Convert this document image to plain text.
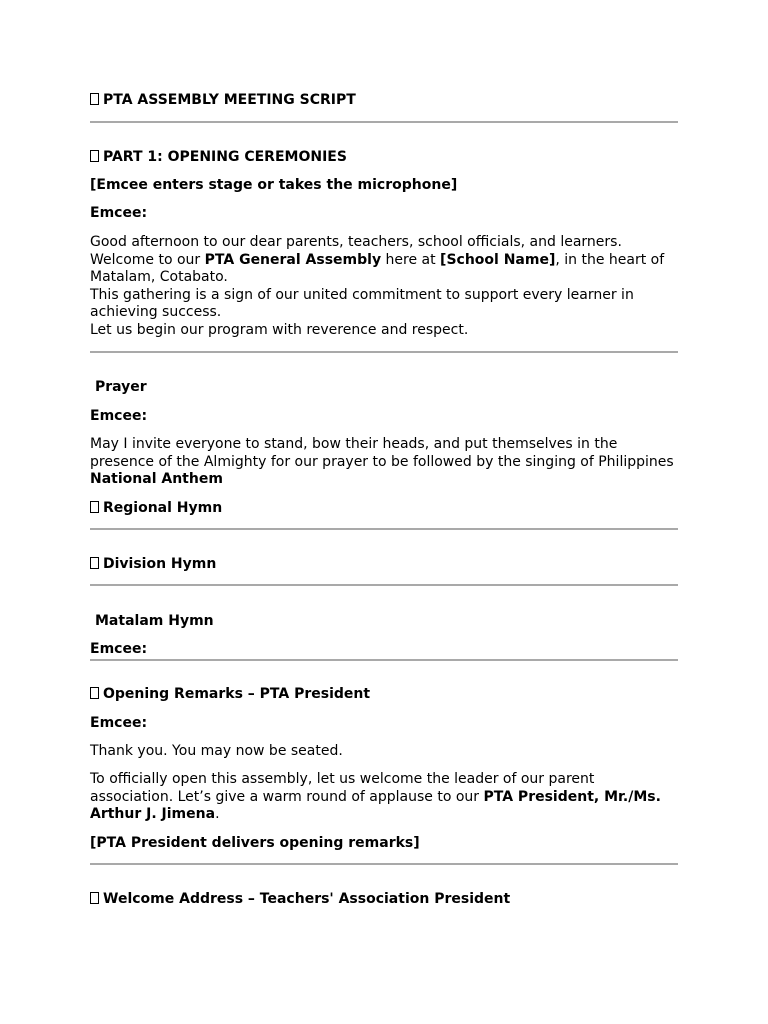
PTA ASSEMBLY MEETING SCRIPT

PART 1: OPENING CEREMONIES

[Emcee enters stage or takes the microphone]

Emcee:

Good afternoon to our dear parents, teachers, school officials, and learners.
Welcome to our PTA General Assembly here at [School Name], in the heart of Matalam, Cotabato.
This gathering is a sign of our united commitment to support every learner in achieving success.
Let us begin our program with reverence and respect.

Prayer

Emcee:

May I invite everyone to stand, bow their heads, and put themselves in the presence of the Almighty for our prayer to be followed by the singing of Philippines National Anthem

Regional Hymn

Division Hymn

Matalam Hymn

Emcee:

Opening Remarks – PTA President

Emcee:

Thank you. You may now be seated.

To officially open this assembly, let us welcome the leader of our parent association. Let’s give a warm round of applause to our PTA President, Mr./Ms. Arthur J. Jimena.

[PTA President delivers opening remarks]

Welcome Address – Teachers' Association President
